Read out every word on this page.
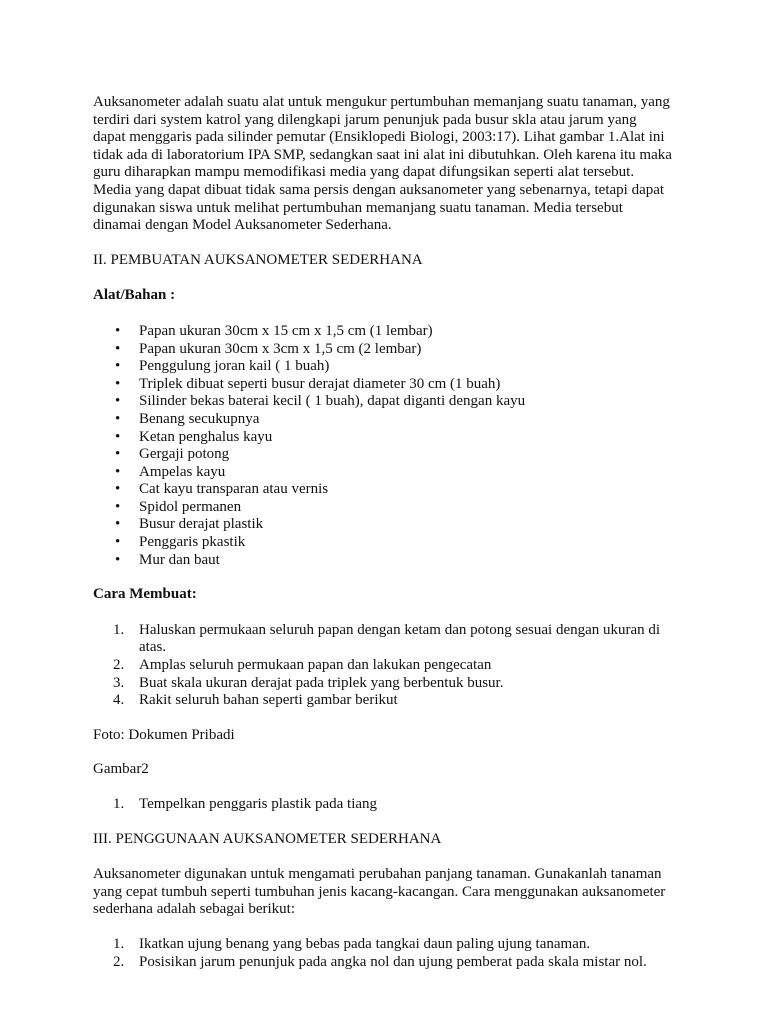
Auksanometer adalah suatu alat untuk mengukur pertumbuhan memanjang suatu tanaman, yang terdiri dari system katrol yang dilengkapi jarum penunjuk pada busur skla atau jarum yang dapat menggaris pada silinder pemutar (Ensiklopedi Biologi, 2003:17). Lihat gambar 1.Alat ini tidak ada di laboratorium IPA SMP, sedangkan saat ini alat ini dibutuhkan. Oleh karena itu maka guru diharapkan mampu memodifikasi media yang dapat difungsikan seperti alat tersebut. Media yang dapat dibuat tidak sama persis dengan auksanometer yang sebenarnya, tetapi dapat digunakan siswa untuk melihat pertumbuhan memanjang suatu tanaman. Media tersebut dinamai dengan Model Auksanometer Sederhana.

II. PEMBUATAN AUKSANOMETER SEDERHANA

Alat/Bahan :

• Papan ukuran 30cm x 15 cm x 1,5 cm (1 lembar)
• Papan ukuran 30cm x 3cm x 1,5 cm (2 lembar)
• Penggulung joran kail ( 1 buah)
• Triplek dibuat seperti busur derajat diameter 30 cm (1 buah)
• Silinder bekas baterai kecil ( 1 buah), dapat diganti dengan kayu
• Benang secukupnya
• Ketan penghalus kayu
• Gergaji potong
• Ampelas kayu
• Cat kayu transparan atau vernis
• Spidol permanen
• Busur derajat plastik
• Penggaris pkastik
• Mur dan baut

Cara Membuat:

1. Haluskan permukaan seluruh papan dengan ketam dan potong sesuai dengan ukuran di atas.
2. Amplas seluruh permukaan papan dan lakukan pengecatan
3. Buat skala ukuran derajat pada triplek yang berbentuk busur.
4. Rakit seluruh bahan seperti gambar berikut

Foto: Dokumen Pribadi

Gambar2

1. Tempelkan penggaris plastik pada tiang

III. PENGGUNAAN AUKSANOMETER SEDERHANA

Auksanometer digunakan untuk mengamati perubahan panjang tanaman. Gunakanlah tanaman yang cepat tumbuh seperti tumbuhan jenis kacang-kacangan. Cara menggunakan auksanometer sederhana adalah sebagai berikut:

1. Ikatkan ujung benang yang bebas pada tangkai daun paling ujung tanaman.
2. Posisikan jarum penunjuk pada angka nol dan ujung pemberat pada skala mistar nol.
